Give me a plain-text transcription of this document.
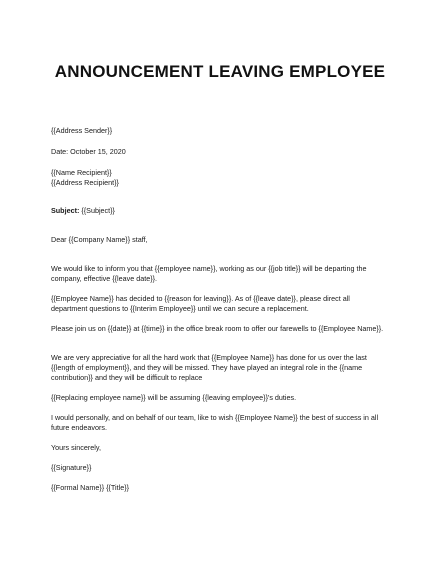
ANNOUNCEMENT LEAVING EMPLOYEE
{{Address Sender}}
Date: October 15, 2020
{{Name Recipient}}
{{Address Recipient}}
Subject: {{Subject}}
Dear {{Company Name}} staff,
We would like to inform you that {{employee name}}, working as our {{job title}} will be departing the
company, effective {{leave date}}.
{{Employee Name}} has decided to {{reason for leaving}}. As of {{leave date}}, please direct all
department questions to {{Interim Employee}} until we can secure a replacement.
Please join us on {{date}} at {{time}} in the office break room to offer our farewells to {{Employee Name}}.
We are very appreciative for all the hard work that {{Employee Name}} has done for us over the last
{{length of employment}}, and they will be missed. They have played an integral role in the {{name
contribution}} and they will be difficult to replace
{{Replacing employee name}} will be assuming {{leaving employee}}'s duties.
I would personally, and on behalf of our team, like to wish {{Employee Name}} the best of success in all
future endeavors.
Yours sincerely,
{{Signature}}
{{Formal Name}} {{Title}}
